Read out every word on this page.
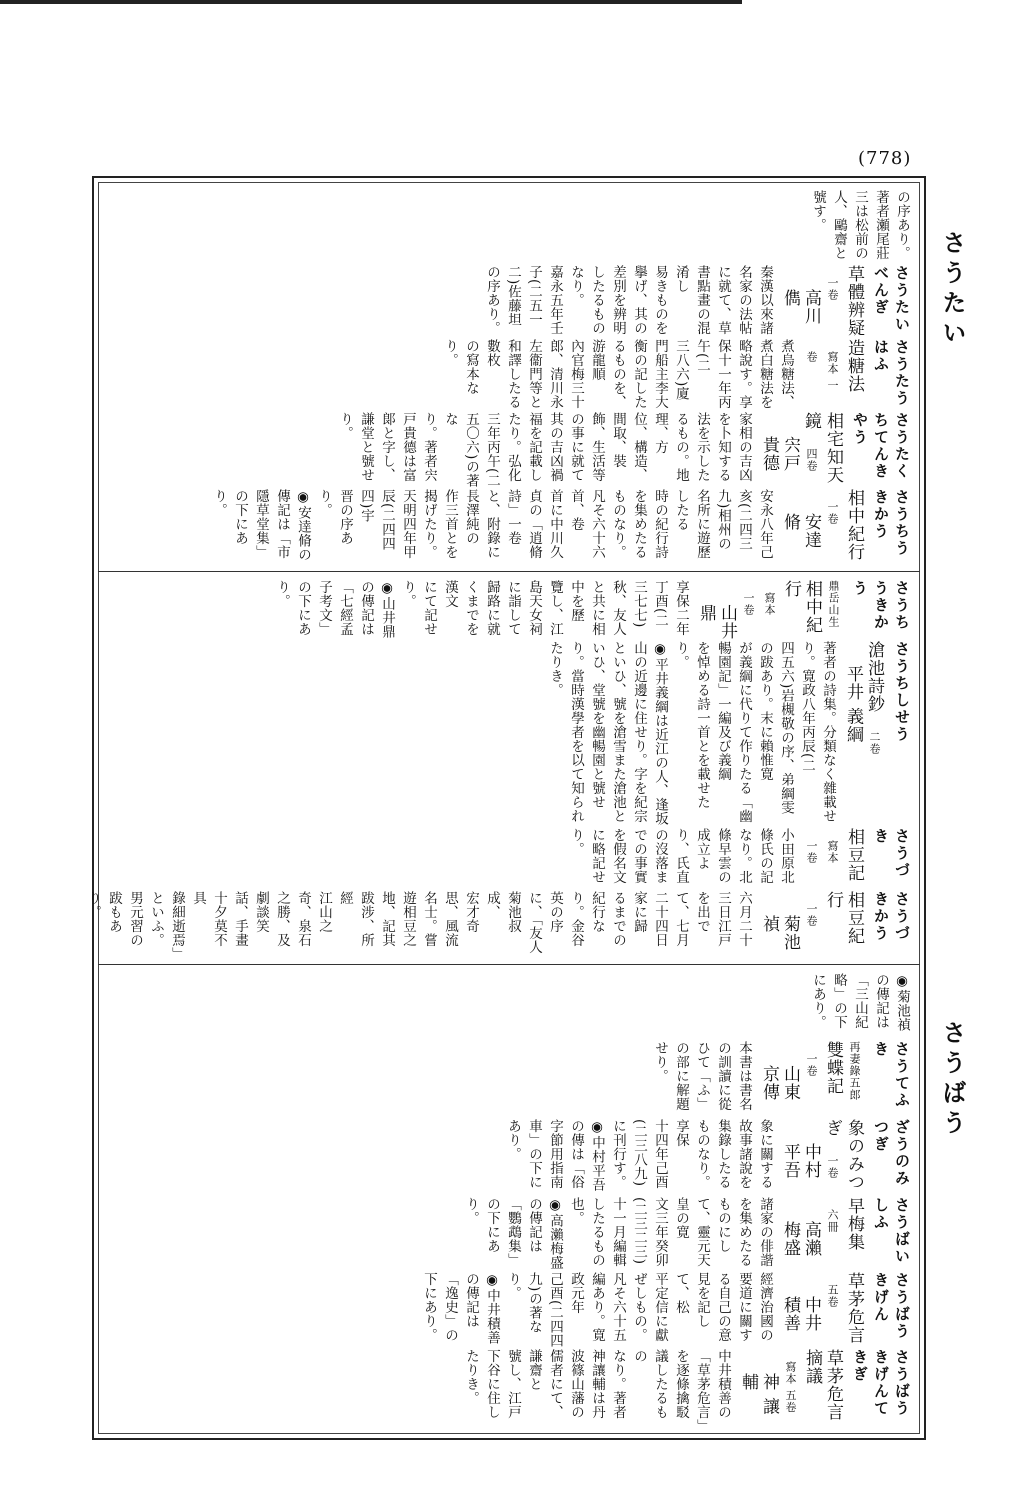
(778)
さうたい
さうばう
の序あり。著者瀬尾莊三は松前の人、鷗齋と號す。
さうたいべんぎ
草體辨疑 一卷 高川 儁
秦漢以來諸名家の法帖に就て、草書點畫の混淆し
易きものを擧げ、其の差別を辨明したるものなり。
嘉永五年壬子(二五一二)佐藤坦の序あり。
さうたうはふ
造糖法 寫本 一卷
煮烏糖法、煮白糖法を略說す。享保十一年丙午(二
三八六)廈門船主李大衡の記したるものを、游龍順
內官梅三十郎、清川永左衞門等と和譯したる數枚
の寫本なり。
さうたくちてんきやう
相宅知天鏡 四卷 宍戸 貴德
家相の吉凶を卜知する法を示したるもの。地理、方
位、構造、間取、裝飾、生活等の事に就て其の吉凶禍
福を記載したり。弘化三年丙午(二五〇六)の著な
り。著者宍戸貴德は富郞と字し、謙堂と號せり。
さうちうきかう
相中紀行 一卷 安達 脩
安永八年己亥(二四三九)相州の名所に遊歷したる
時の紀行詩を集めたるものなり。凡そ六十六首、卷
首に中川久貞の「逍脩詩」一卷と、附錄に長澤純の
作三首とを揭げたり。天明四年甲辰(二四四四)宇
晋の序あり。
◉安逹脩の傳記は「市隱草堂集」の下にあり。
さうちうきかう
鼎岳山生 相中紀行 寫本 一卷 山井 鼎
享保二年丁酉(二三七七)秋、友人と共に相中を歷
覽し、江島天女祠に詣して歸路に就くまでを漢文
にて記せり。
◉山井鼎の傳記は「七經孟子考文」の下にあり。
さうちしせう
滄池詩鈔 二卷 平井 義綱
著者の詩集。分類なく雜載せり。寛政八年丙辰(二
四五六)岩槻敬の序、弟綱雯の跋あり。末に賴惟寛
が義綱に代りて作りたる「幽暢園記」一編及び義綱
を悼める詩一首とを載せたり。
◉平井義綱は近江の人、逢坂山の近邊に住せり。字を紀宗といひ、號を滄雪また滄池といひ、堂號を幽暢園と號せり。當時漢學者を以て知られたりき。
さうづき
相豆記 寫本 一卷
小田原北條氏の記なり。北條早雲の成立より、氏直
の沒落までの事實を假名文に略記せり。
さうづきかう
相豆紀行 一卷 菊池 禎
六月二十三日江戸を出でて、七月二十四日家に歸
るまでの紀行なり。金谷英の序に、「友人菊池叔成、
宏才奇思、風流名士。嘗遊相豆之地、記其跋涉、所經
江山之奇、泉石之勝、及劇談笑話、手畫十夕莫不具
錄細逝焉」といふ。男元習の跋もあり。
◉菊池禎の傳記は「三山紀略」の下にあり。
さうてふき
再妻錄五郎 雙蝶記 一卷 山東 京傳
本書は書名の訓讀に從ひて「ふ」の部に解題せり。
ざうのみつぎ
象のみつぎ 一卷 中村 平吾
象に關する故事諸說を集錄したるものなり。享保
十四年己酉(二三八九)に刊行す。
◉中村平吾の傳は「俗字節用指南車」の下にあり。
さうばいしふ
早梅集 六冊 高瀨 梅盛
諸家の俳諧を集めたるものにして、靈元天皇の寛
文三年癸卯(二三二三)十一月編輯したるもの也。
◉高瀨梅盛の傳記は「鸚鵡集」の下にあり。
さうばうきげん
草茅危言 五卷 中井 積善
經濟治國の要道に關する自己の意見を記して、松
平定信に獻ぜしもの。凡そ六十五編あり。寛政元年
己酉(二四四九)の著なり。
◉中井積善の傳記は「逸史」の下にあり。
さうばうきげんてきぎ
草茅危言摘議 寫本 五卷 神 讓輔
中井積善の「草茅危言」を逐條擒駁議したるもの
なり。著者神讓輔は丹波篠山藩の儒者にて、謙齋と
號し、江戸下谷に住したりき。
